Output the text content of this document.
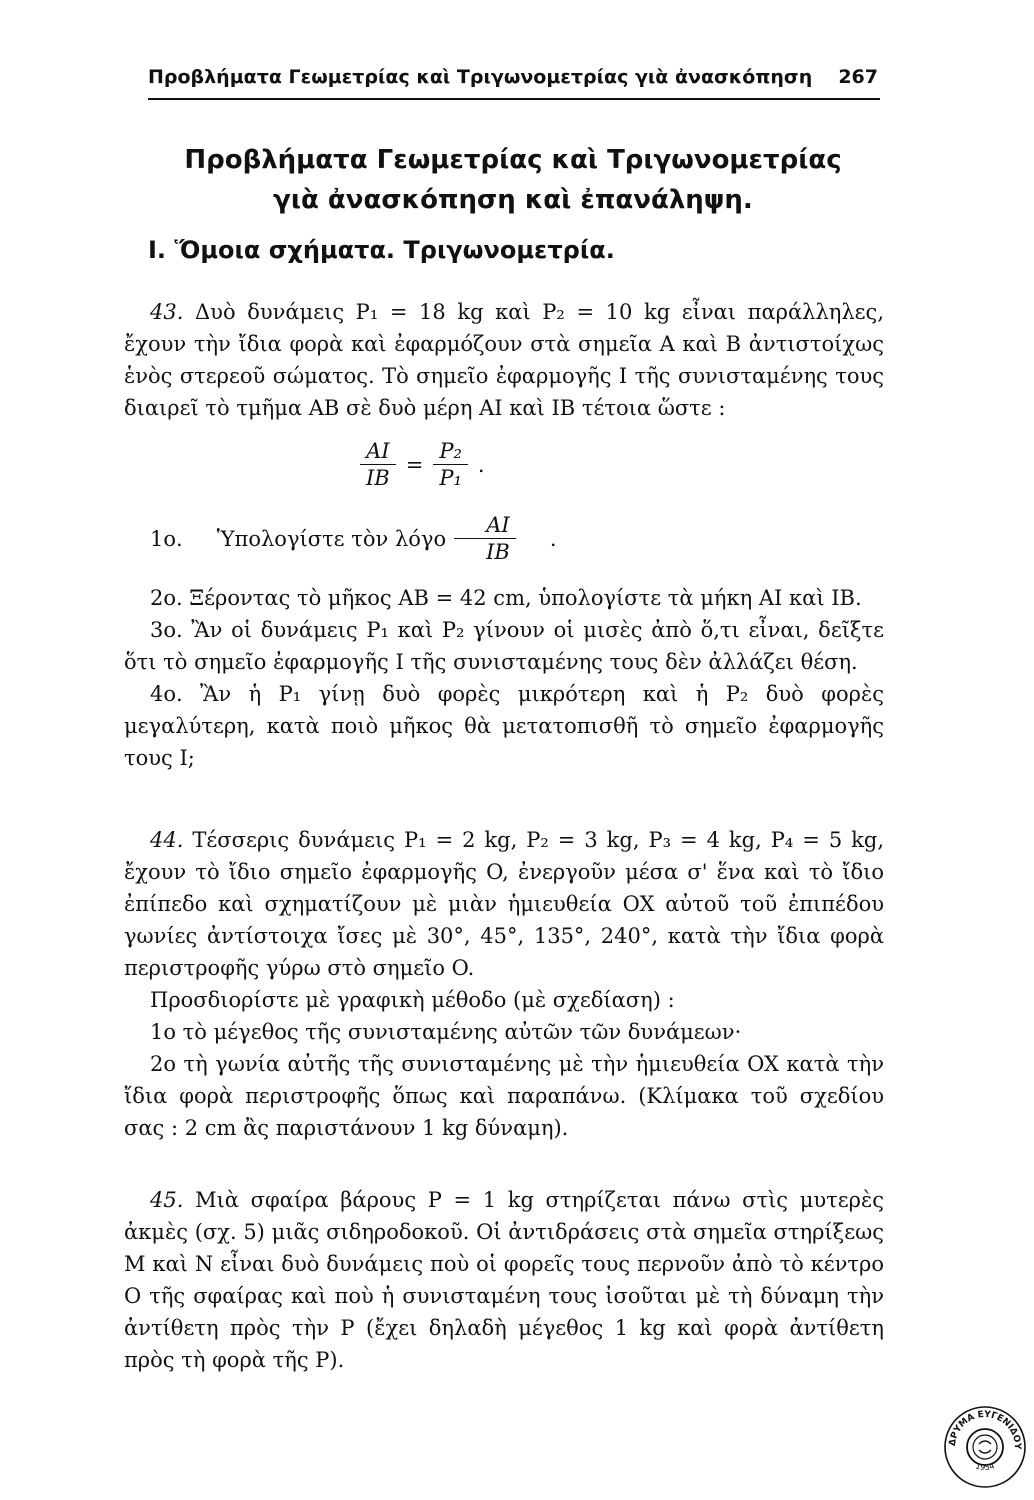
Προβλήματα Γεωμετρίας καὶ Τριγωνομετρίας γιὰ ἀνασκόπηση 267
Προβλήματα Γεωμετρίας καὶ Τριγωνομετρίας
γιὰ ἀνασκόπηση καὶ ἐπανάληψη.
I. Ὅμοια σχήματα. Τριγωνομετρία.

43. Δυὸ δυνάμεις P₁ = 18 kg καὶ P₂ = 10 kg εἶναι παράλληλες, ἔχουν τὴν ἴδια φορὰ καὶ ἐφαρμόζουν στὰ σημεῖα A καὶ B ἀντιστοίχως ἑνὸς στερεοῦ σώματος. Τὸ σημεῖο ἐφαρμογῆς I τῆς συνισταμένης τους διαιρεῖ τὸ τμῆμα AB σὲ δυὸ μέρη AI καὶ IB τέτοια ὥστε :

$\frac{AI}{IB} = \frac{\text{P₂}}{\text{P₁}}$ .

1ο.	Ὑπολογίστε τὸν λόγο $\frac{AI}{IB}$	.

2ο. Ξέροντας τὸ μῆκος AB = 42 cm, ὑπολογίστε τὰ μήκη AI καὶ IB.

3ο. Ἂν οἱ δυνάμεις P₁ καὶ P₂ γίνουν οἱ μισὲς ἀπὸ ὅ,τι εἶναι, δεῖξτε ὅτι τὸ σημεῖο ἐφαρμογῆς I τῆς συνισταμένης τους δὲν ἀλλάζει θέση.

4ο. Ἂν ἡ P₁ γίνῃ δυὸ φορὲς μικρότερη καὶ ἡ P₂ δυὸ φορὲς μεγαλύτερη, κατὰ ποιὸ μῆκος θὰ μετατοπισθῆ τὸ σημεῖο ἐφαρμογῆς τους I;

44. Τέσσερις δυνάμεις P₁ = 2 kg, P₂ = 3 kg, P₃ = 4 kg, P₄ = 5 kg, ἔχουν τὸ ἴδιο σημεῖο ἐφαρμογῆς O, ἐνεργοῦν μέσα σ' ἕνα καὶ τὸ ἴδιο ἐπίπεδο καὶ σχηματίζουν μὲ μιὰν ἡμιευθεία OX αὐτοῦ τοῦ ἐπιπέδου γωνίες ἀντίστοιχα ἴσες μὲ 30°, 45°, 135°, 240°, κατὰ τὴν ἴδια φορὰ περιστροφῆς γύρω στὸ σημεῖο O.

Προσδιορίστε μὲ γραφικὴ μέθοδο (μὲ σχεδίαση) :

1ο τὸ μέγεθος τῆς συνισταμένης αὐτῶν τῶν δυνάμεων·

2ο τὴ γωνία αὐτῆς τῆς συνισταμένης μὲ τὴν ἡμιευθεία OX κατὰ τὴν ἴδια φορὰ περιστροφῆς ὅπως καὶ παραπάνω. (Κλίμακα τοῦ σχεδίου σας : 2 cm ἂς παριστάνουν 1 kg δύναμη).

45. Μιὰ σφαίρα βάρους P = 1 kg στηρίζεται πάνω στὶς μυτερὲς ἀκμὲς (σχ. 5) μιᾶς σιδηροδοκοῦ. Οἱ ἀντιδράσεις στὰ σημεῖα στηρίξεως M καὶ N εἶναι δυὸ δυνάμεις ποὺ οἱ φορεῖς τους περνοῦν ἀπὸ τὸ κέντρο O τῆς σφαίρας καὶ ποὺ ἡ συνισταμένη τους ἰσοῦται μὲ τὴ δύναμη τὴν ἀντίθετη πρὸς τὴν P (ἔχει δηλαδὴ μέγεθος 1 kg καὶ φορὰ ἀντίθετη πρὸς τὴ φορὰ τῆς P).

ΔΡΥΜΑ ΕΥΓΕΝΙΔΟΥ
1954
